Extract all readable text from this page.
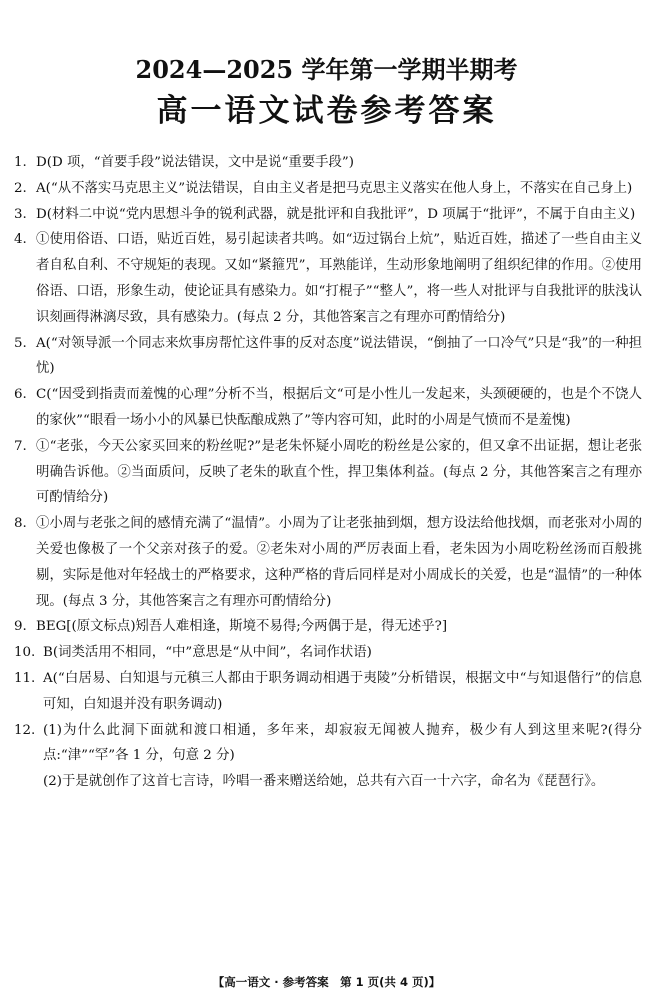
2024—2025 学年第一学期半期考
高一语文试卷参考答案
1. D(D 项，“首要手段”说法错误，文中是说“重要手段”)
2. A(“从不落实马克思主义”说法错误，自由主义者是把马克思主义落实在他人身上，不落实在自己身上)
3. D(材料二中说“党内思想斗争的锐利武器，就是批评和自我批评”，D 项属于“批评”，不属于自由主义)
4. ①使用俗语、口语，贴近百姓，易引起读者共鸣。如“迈过锅台上炕”，贴近百姓，描述了一些自由主义者自私自利、不守规矩的表现。又如“紧箍咒”，耳熟能详，生动形象地阐明了组织纪律的作用。②使用俗语、口语，形象生动，使论证具有感染力。如“打棍子”“整人”，将一些人对批评与自我批评的肤浅认识刻画得淋漓尽致，具有感染力。(每点 2 分，其他答案言之有理亦可酌情给分)
5. A(“对领导派一个同志来炊事房帮忙这件事的反对态度”说法错误，“倒抽了一口冷气”只是“我”的一种担忧)
6. C(“因受到指责而羞愧的心理”分析不当，根据后文“可是小性儿一发起来，头颈硬硬的，也是个不饶人的家伙”“眼看一场小小的风暴已快酝酿成熟了”等内容可知，此时的小周是气愤而不是羞愧)
7. ①“老张，今天公家买回来的粉丝呢?”是老朱怀疑小周吃的粉丝是公家的，但又拿不出证据，想让老张明确告诉他。②当面质问，反映了老朱的耿直个性，捍卫集体利益。(每点 2 分，其他答案言之有理亦可酌情给分)
8. ①小周与老张之间的感情充满了“温情”。小周为了让老张抽到烟，想方设法给他找烟，而老张对小周的关爱也像极了一个父亲对孩子的爱。②老朱对小周的严厉表面上看，老朱因为小周吃粉丝汤而百般挑剔，实际是他对年轻战士的严格要求，这种严格的背后同样是对小周成长的关爱，也是“温情”的一种体现。(每点 3 分，其他答案言之有理亦可酌情给分)
9. BEG[(原文标点)矧吾人难相逢，斯境不易得;今两偶于是，得无述乎?]
10. B(词类活用不相同，“中”意思是“从中间”，名词作状语)
11. A(“白居易、白知退与元稹三人都由于职务调动相遇于夷陵”分析错误，根据文中“与知退偕行”的信息可知，白知退并没有职务调动)
12. (1)为什么此洞下面就和渡口相通，多年来，却寂寂无闻被人抛弃，极少有人到这里来呢?(得分点:“津”“罕”各 1 分，句意 2 分)
(2)于是就创作了这首七言诗，吟唱一番来赠送给她，总共有六百一十六字，命名为《琵琶行》。
【高一语文 · 参考答案　第 1 页(共 4 页)】
